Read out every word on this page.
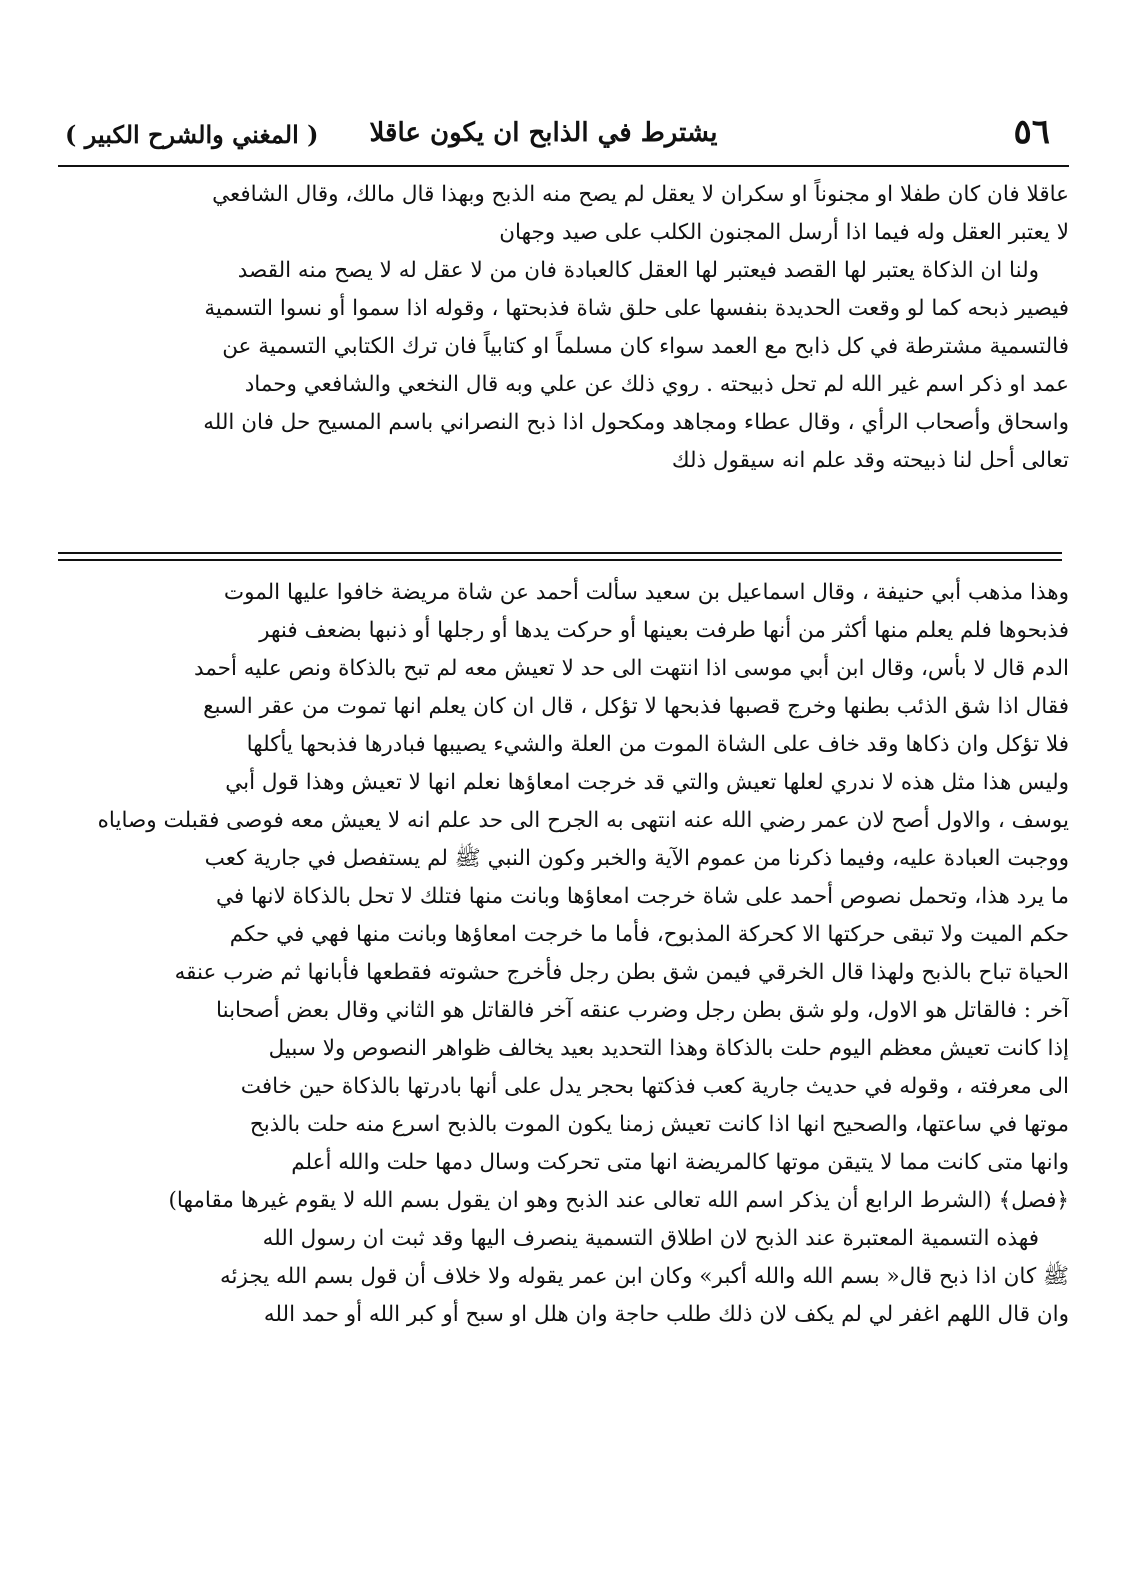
٥٦
يشترط في الذابح ان يكون عاقلا
( المغني والشرح الكبير )
عاقلا فان كان طفلا او مجنوناً او سكران لا يعقل لم يصح منه الذبح وبهذا قال مالك، وقال الشافعي
لا يعتبر العقل وله فيما اذا أرسل المجنون الكلب على صيد وجهان
ولنا ان الذكاة يعتبر لها القصد فيعتبر لها العقل كالعبادة فان من لا عقل له لا يصح منه القصد
فيصير ذبحه كما لو وقعت الحديدة بنفسها على حلق شاة فذبحتها ، وقوله اذا سموا أو نسوا التسمية
فالتسمية مشترطة في كل ذابح مع العمد سواء كان مسلماً او كتابياً فان ترك الكتابي التسمية عن
عمد او ذكر اسم غير الله لم تحل ذبيحته . روي ذلك عن علي وبه قال النخعي والشافعي وحماد
واسحاق وأصحاب الرأي ، وقال عطاء ومجاهد ومكحول اذا ذبح النصراني باسم المسيح حل فان الله
تعالى أحل لنا ذبيحته وقد علم انه سيقول ذلك
وهذا مذهب أبي حنيفة ، وقال اسماعيل بن سعيد سألت أحمد عن شاة مريضة خافوا عليها الموت
فذبحوها فلم يعلم منها أكثر من أنها طرفت بعينها أو حركت يدها أو رجلها أو ذنبها بضعف فنهر
الدم قال لا بأس، وقال ابن أبي موسى اذا انتهت الى حد لا تعيش معه لم تبح بالذكاة ونص عليه أحمد
فقال اذا شق الذئب بطنها وخرج قصبها فذبحها لا تؤكل ، قال ان كان يعلم انها تموت من عقر السبع
فلا تؤكل وان ذكاها وقد خاف على الشاة الموت من العلة والشيء يصيبها فبادرها فذبحها يأكلها
وليس هذا مثل هذه لا ندري لعلها تعيش والتي قد خرجت امعاؤها نعلم انها لا تعيش وهذا قول أبي
يوسف ، والاول أصح لان عمر رضي الله عنه انتهى به الجرح الى حد علم انه لا يعيش معه فوصى فقبلت وصاياه
ووجبت العبادة عليه، وفيما ذكرنا من عموم الآية والخبر وكون النبي ﷺ لم يستفصل في جارية كعب
ما يرد هذا، وتحمل نصوص أحمد على شاة خرجت امعاؤها وبانت منها فتلك لا تحل بالذكاة لانها في
حكم الميت ولا تبقى حركتها الا كحركة المذبوح، فأما ما خرجت امعاؤها وبانت منها فهي في حكم
الحياة تباح بالذبح ولهذا قال الخرقي فيمن شق بطن رجل فأخرج حشوته فقطعها فأبانها ثم ضرب عنقه
آخر : فالقاتل هو الاول، ولو شق بطن رجل وضرب عنقه آخر فالقاتل هو الثاني وقال بعض أصحابنا
إذا كانت تعيش معظم اليوم حلت بالذكاة وهذا التحديد بعيد يخالف ظواهر النصوص ولا سبيل
الى معرفته ، وقوله في حديث جارية كعب فذكتها بحجر يدل على أنها بادرتها بالذكاة حين خافت
موتها في ساعتها، والصحيح انها اذا كانت تعيش زمنا يكون الموت بالذبح اسرع منه حلت بالذبح
وانها متى كانت مما لا يتيقن موتها كالمريضة انها متى تحركت وسال دمها حلت والله أعلم
﴿فصل﴾ (الشرط الرابع أن يذكر اسم الله تعالى عند الذبح وهو ان يقول بسم الله لا يقوم غيرها مقامها)
فهذه التسمية المعتبرة عند الذبح لان اطلاق التسمية ينصرف اليها وقد ثبت ان رسول الله
ﷺ كان اذا ذبح قال« بسم الله والله أكبر» وكان ابن عمر يقوله ولا خلاف أن قول بسم الله يجزئه
وان قال اللهم اغفر لي لم يكف لان ذلك طلب حاجة وان هلل او سبح أو كبر الله أو حمد الله
